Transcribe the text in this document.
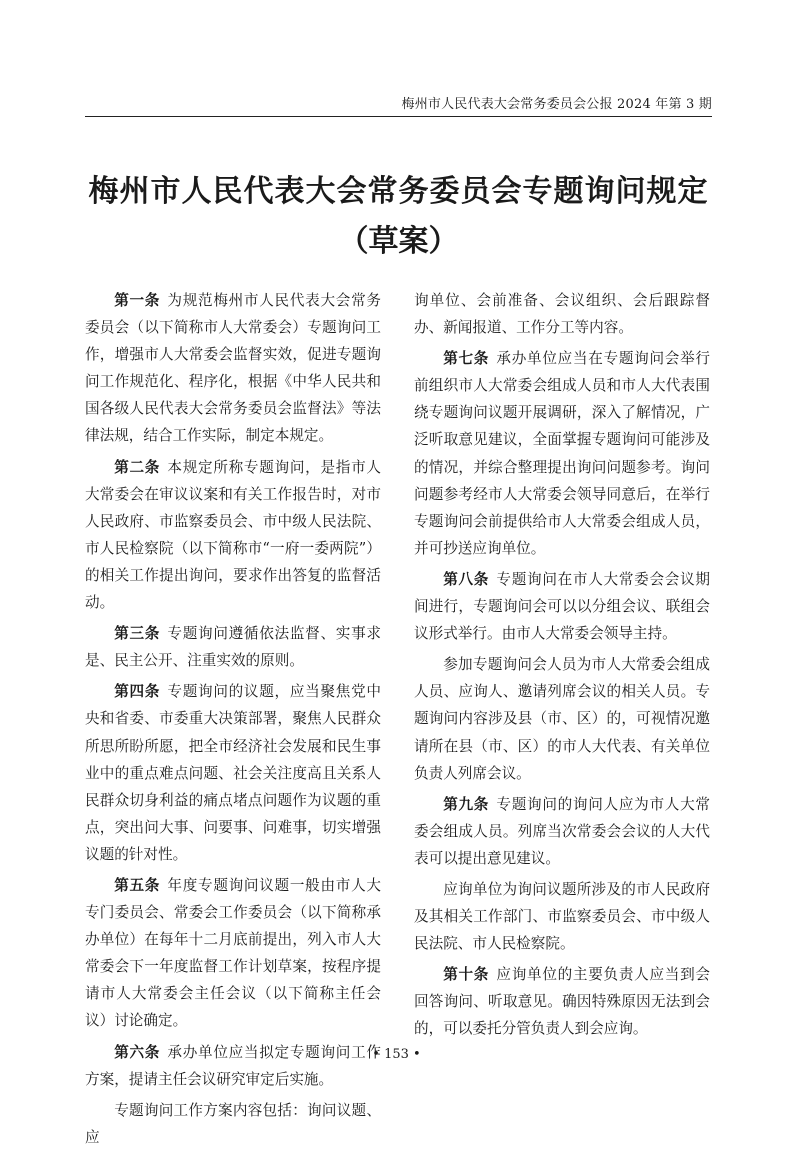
梅州市人民代表大会常务委员会公报 2024 年第 3 期
梅州市人民代表大会常务委员会专题询问规定
（草案）

第一条 为规范梅州市人民代表大会常务委员会（以下简称市人大常委会）专题询问工作，增强市人大常委会监督实效，促进专题询问工作规范化、程序化，根据《中华人民共和国各级人民代表大会常务委员会监督法》等法律法规，结合工作实际，制定本规定。

第二条 本规定所称专题询问，是指市人大常委会在审议议案和有关工作报告时，对市人民政府、市监察委员会、市中级人民法院、市人民检察院（以下简称市“一府一委两院”）的相关工作提出询问，要求作出答复的监督活动。

第三条 专题询问遵循依法监督、实事求是、民主公开、注重实效的原则。

第四条 专题询问的议题，应当聚焦党中央和省委、市委重大决策部署，聚焦人民群众所思所盼所愿，把全市经济社会发展和民生事业中的重点难点问题、社会关注度高且关系人民群众切身利益的痛点堵点问题作为议题的重点，突出问大事、问要事、问难事，切实增强议题的针对性。

第五条 年度专题询问议题一般由市人大专门委员会、常委会工作委员会（以下简称承办单位）在每年十二月底前提出，列入市人大常委会下一年度监督工作计划草案，按程序提请市人大常委会主任会议（以下简称主任会议）讨论确定。

第六条 承办单位应当拟定专题询问工作方案，提请主任会议研究审定后实施。

专题询问工作方案内容包括：询问议题、应

询单位、会前准备、会议组织、会后跟踪督办、新闻报道、工作分工等内容。

第七条 承办单位应当在专题询问会举行前组织市人大常委会组成人员和市人大代表围绕专题询问议题开展调研，深入了解情况，广泛听取意见建议，全面掌握专题询问可能涉及的情况，并综合整理提出询问问题参考。询问问题参考经市人大常委会领导同意后，在举行专题询问会前提供给市人大常委会组成人员，并可抄送应询单位。

第八条 专题询问在市人大常委会会议期间进行，专题询问会可以以分组会议、联组会议形式举行。由市人大常委会领导主持。

参加专题询问会人员为市人大常委会组成人员、应询人、邀请列席会议的相关人员。专题询问内容涉及县（市、区）的，可视情况邀请所在县（市、区）的市人大代表、有关单位负责人列席会议。

第九条 专题询问的询问人应为市人大常委会组成人员。列席当次常委会会议的人大代表可以提出意见建议。

应询单位为询问议题所涉及的市人民政府及其相关工作部门、市监察委员会、市中级人民法院、市人民检察院。

第十条 应询单位的主要负责人应当到会回答询问、听取意见。确因特殊原因无法到会的，可以委托分管负责人到会应询。

• 153 •
